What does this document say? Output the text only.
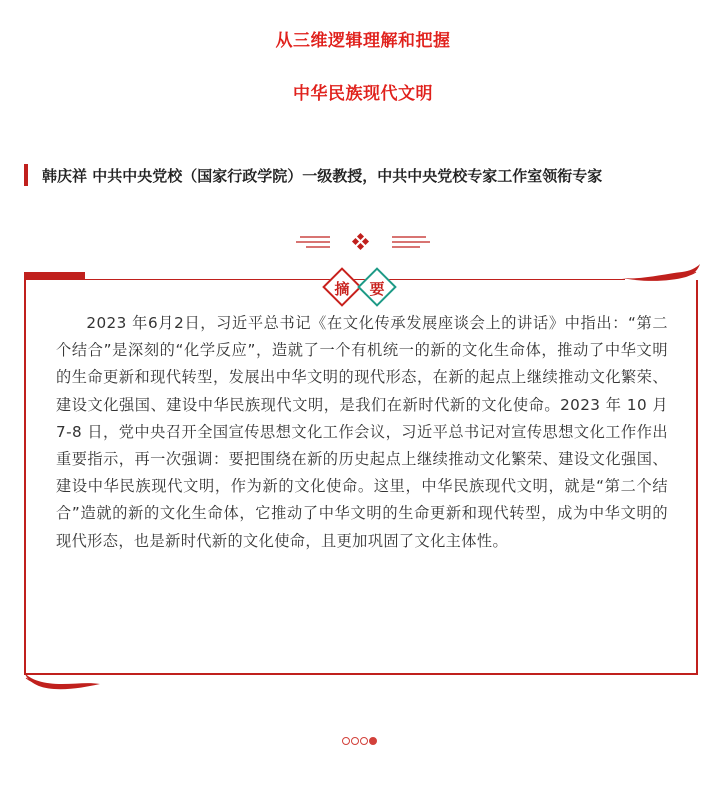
从三维逻辑理解和把握
中华民族现代文明
韩庆祥 中共中央党校（国家行政学院）一级教授，中共中央党校专家工作室领衔专家
摘	要
2023 年6月2日，习近平总书记《在文化传承发展座谈会上的讲话》中指出：“第二个结合”是深刻的“化学反应”，造就了一个有机统一的新的文化生命体，推动了中华文明的生命更新和现代转型，发展出中华文明的现代形态，在新的起点上继续推动文化繁荣、建设文化强国、建设中华民族现代文明，是我们在新时代新的文化使命。2023 年 10 月 7-8 日，党中央召开全国宣传思想文化工作会议，习近平总书记对宣传思想文化工作作出重要指示，再一次强调：要把围绕在新的历史起点上继续推动文化繁荣、建设文化强国、建设中华民族现代文明，作为新的文化使命。这里，中华民族现代文明，就是“第二个结合”造就的新的文化生命体，它推动了中华文明的生命更新和现代转型，成为中华文明的现代形态，也是新时代新的文化使命，且更加巩固了文化主体性。
